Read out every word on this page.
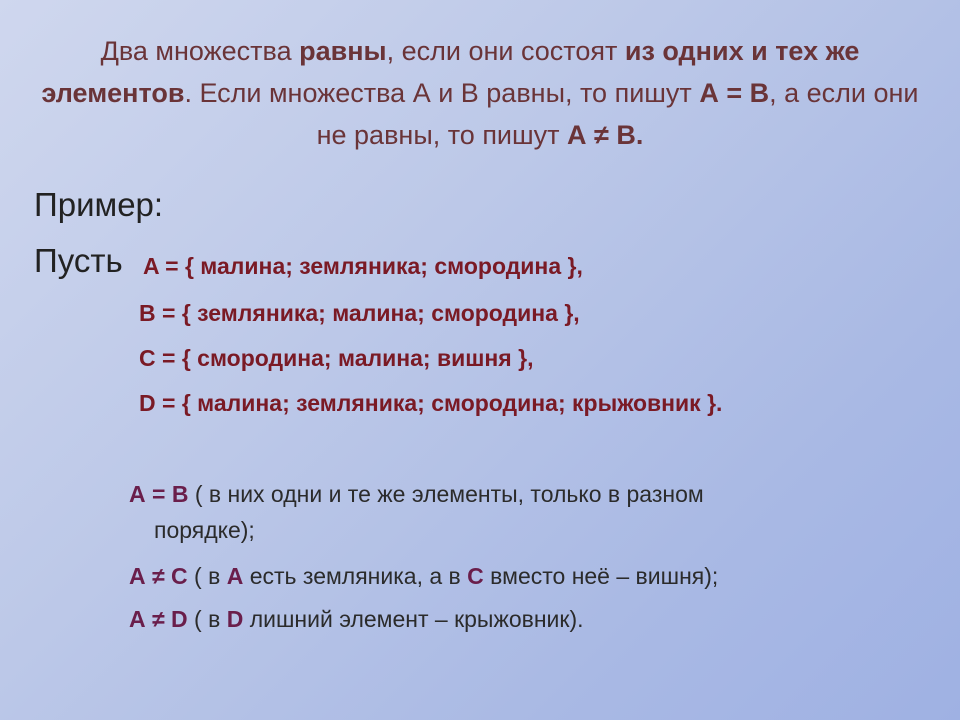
Два множества равны, если они состоят из одних и тех же элементов. Если множества А и В равны, то пишут А = В, а если они не равны, то пишут А ≠ В.
Пример:
Пусть A = { малина; земляника; смородина },
B = { земляника; малина; смородина },
C = { смородина; малина; вишня },
D = { малина; земляника; смородина; крыжовник }.
А = В ( в них одни и те же элементы, только в разном
порядке);
А ≠ С ( в А есть земляника, а в С вместо неё – вишня);
А ≠ D ( в D лишний элемент – крыжовник).
